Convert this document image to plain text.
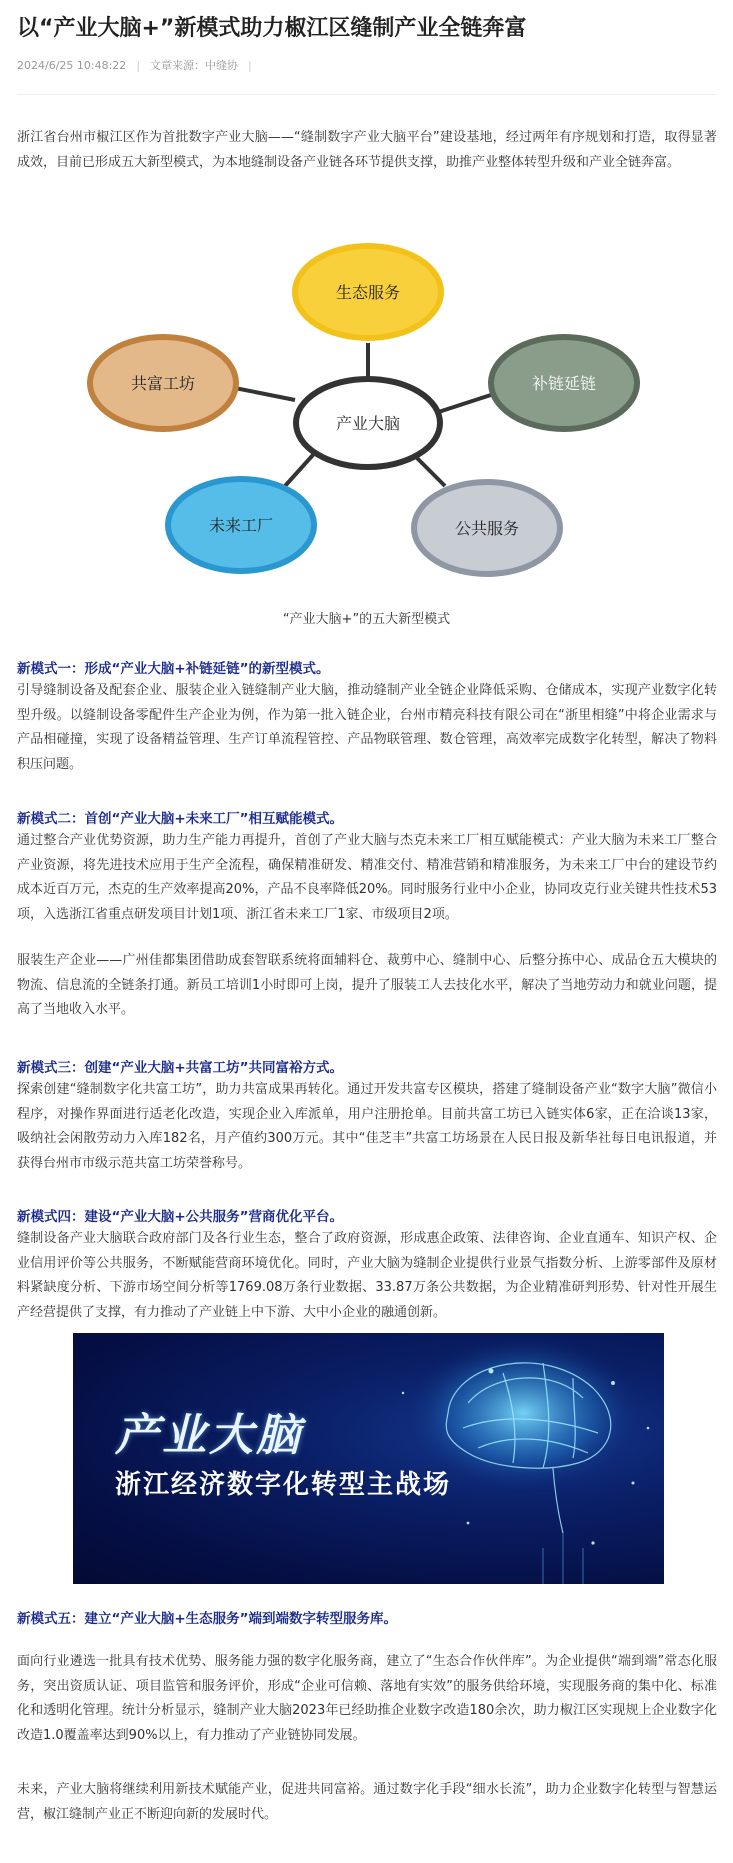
以“产业大脑+”新模式助力椒江区缝制产业全链奔富
2024/6/25 10:48:22 | 文章来源：中缝协 |

浙江省台州市椒江区作为首批数字产业大脑——“缝制数字产业大脑平台”建设基地，经过两年有序规划和打造，取得显著成效，目前已形成五大新型模式，为本地缝制设备产业链各环节提供支撑，助推产业整体转型升级和产业全链奔富。

产业大脑
生态服务
补链延链
公共服务
未来工厂
共富工坊
“产业大脑+”的五大新型模式

新模式一：形成“产业大脑+补链延链”的新型模式。

引导缝制设备及配套企业、服装企业入链缝制产业大脑，推动缝制产业全链企业降低采购、仓储成本，实现产业数字化转型升级。以缝制设备零配件生产企业为例，作为第一批入链企业，台州市精亮科技有限公司在“浙里相缝”中将企业需求与产品相碰撞，实现了设备精益管理、生产订单流程管控、产品物联管理、数仓管理，高效率完成数字化转型，解决了物料积压问题。

新模式二：首创“产业大脑+未来工厂”相互赋能模式。

通过整合产业优势资源，助力生产能力再提升，首创了产业大脑与杰克未来工厂相互赋能模式：产业大脑为未来工厂整合产业资源，将先进技术应用于生产全流程，确保精准研发、精准交付、精准营销和精准服务，为未来工厂中台的建设节约成本近百万元，杰克的生产效率提高20%，产品不良率降低20%。同时服务行业中小企业，协同攻克行业关键共性技术53项，入选浙江省重点研发项目计划1项、浙江省未来工厂1家、市级项目2项。

服装生产企业——广州佳都集团借助成套智联系统将面辅料仓、裁剪中心、缝制中心、后整分拣中心、成品仓五大模块的物流、信息流的全链条打通。新员工培训1小时即可上岗，提升了服装工人去技化水平，解决了当地劳动力和就业问题，提高了当地收入水平。

新模式三：创建“产业大脑+共富工坊”共同富裕方式。

探索创建“缝制数字化共富工坊”，助力共富成果再转化。通过开发共富专区模块，搭建了缝制设备产业“数字大脑”微信小程序，对操作界面进行适老化改造，实现企业入库派单，用户注册抢单。目前共富工坊已入链实体6家，正在洽谈13家，吸纳社会闲散劳动力入库182名，月产值约300万元。其中“佳芝丰”共富工坊场景在人民日报及新华社每日电讯报道，并获得台州市市级示范共富工坊荣誉称号。

新模式四：建设“产业大脑+公共服务”营商优化平台。

缝制设备产业大脑联合政府部门及各行业生态，整合了政府资源，形成惠企政策、法律咨询、企业直通车、知识产权、企业信用评价等公共服务，不断赋能营商环境优化。同时，产业大脑为缝制企业提供行业景气指数分析、上游零部件及原材料紧缺度分析、下游市场空间分析等1769.08万条行业数据、33.87万条公共数据，为企业精准研判形势、针对性开展生产经营提供了支撑，有力推动了产业链上中下游、大中小企业的融通创新。

产业大脑
浙江经济数字化转型主战场

新模式五：建立“产业大脑+生态服务”端到端数字转型服务库。

面向行业遴选一批具有技术优势、服务能力强的数字化服务商，建立了“生态合作伙伴库”。为企业提供“端到端”常态化服务，突出资质认证、项目监管和服务评价，形成“企业可信赖、落地有实效”的服务供给环境，实现服务商的集中化、标准化和透明化管理。统计分析显示，缝制产业大脑2023年已经助推企业数字改造180余次，助力椒江区实现规上企业数字化改造1.0覆盖率达到90%以上，有力推动了产业链协同发展。

未来，产业大脑将继续利用新技术赋能产业，促进共同富裕。通过数字化手段“细水长流”，助力企业数字化转型与智慧运营，椒江缝制产业正不断迎向新的发展时代。
